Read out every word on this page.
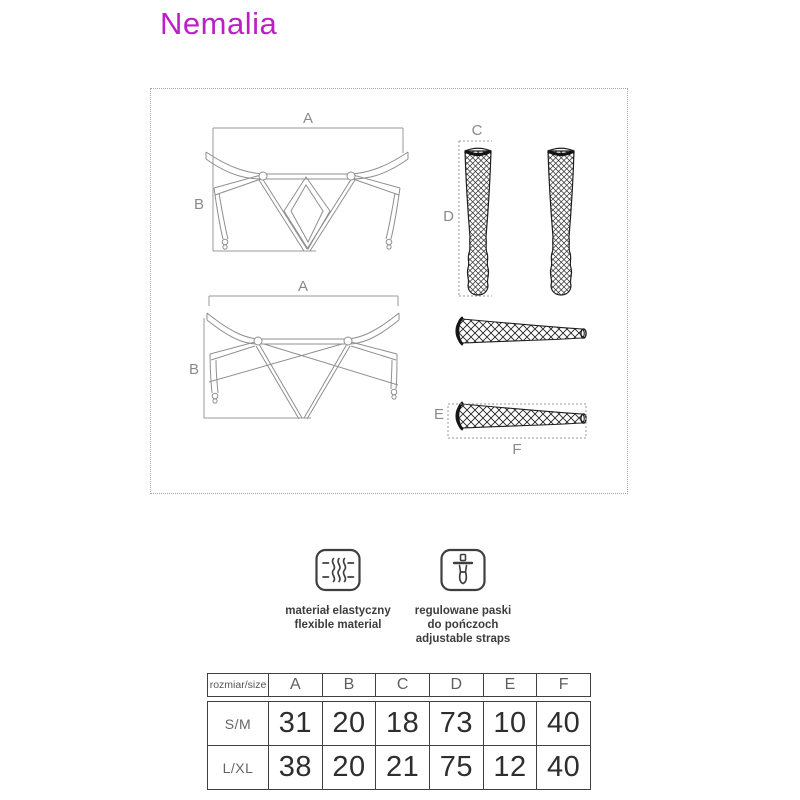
Nemalia
A
B
A
B
C
D
E
F
materiał elastyczny
flexible material
regulowane paski
do pończoch
adjustable straps
rozmiar/size	A	B	C	D	E	F
S/M 31 20 18 73 10 40
L/XL 38 20 21 75 12 40
